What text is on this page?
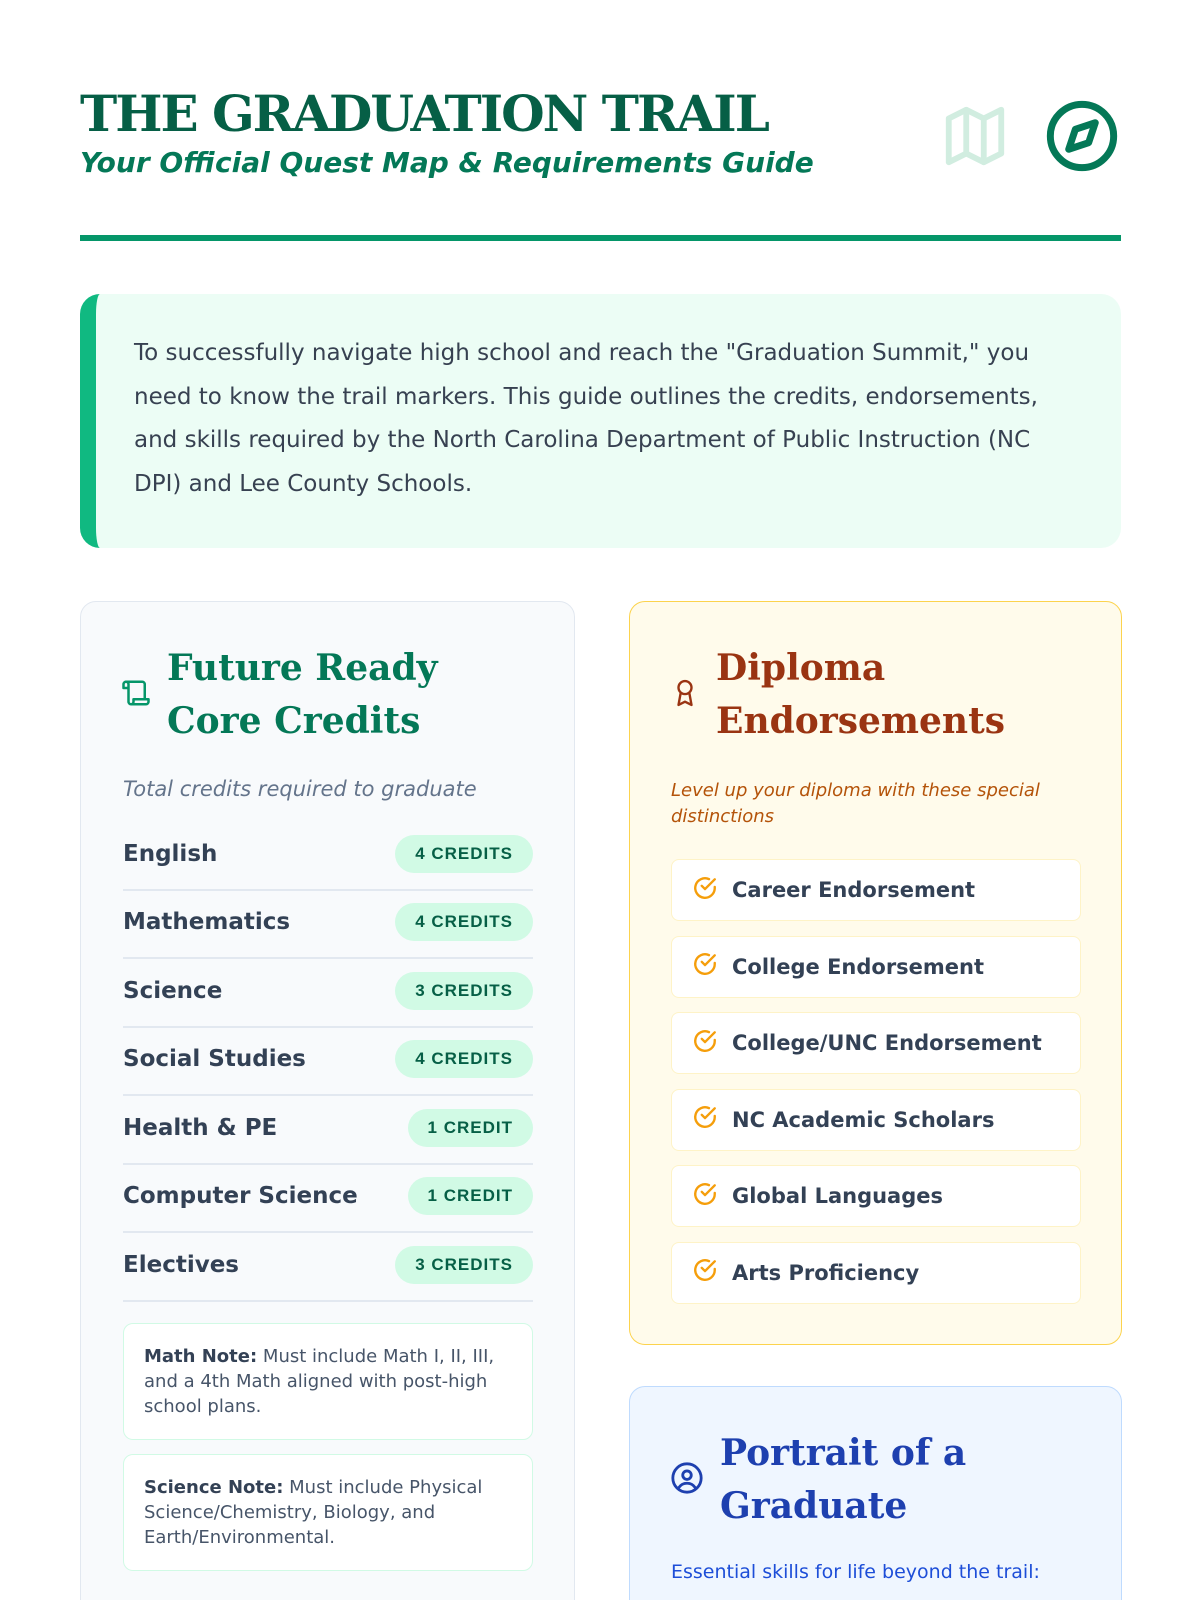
THE GRADUATION TRAIL
Your Official Quest Map & Requirements Guide

To successfully navigate high school and reach the "Graduation Summit," you need to know the trail markers. This guide outlines the credits, endorsements, and skills required by the North Carolina Department of Public Instruction (NC DPI) and Lee County Schools.

Future Ready Core Credits
Total credits required to graduate
English	4 CREDITS
Mathematics	4 CREDITS
Science	3 CREDITS
Social Studies	4 CREDITS
Health & PE	1 CREDIT
Computer Science	1 CREDIT
Electives	3 CREDITS
Math Note: Must include Math I, II, III, and a 4th Math aligned with post-high school plans.
Science Note: Must include Physical Science/Chemistry, Biology, and Earth/Environmental.
Diploma Endorsements
Level up your diploma with these special distinctions
Career Endorsement
College Endorsement
College/UNC Endorsement
NC Academic Scholars
Global Languages
Arts Proficiency
Portrait of a Graduate
Essential skills for life beyond the trail:
